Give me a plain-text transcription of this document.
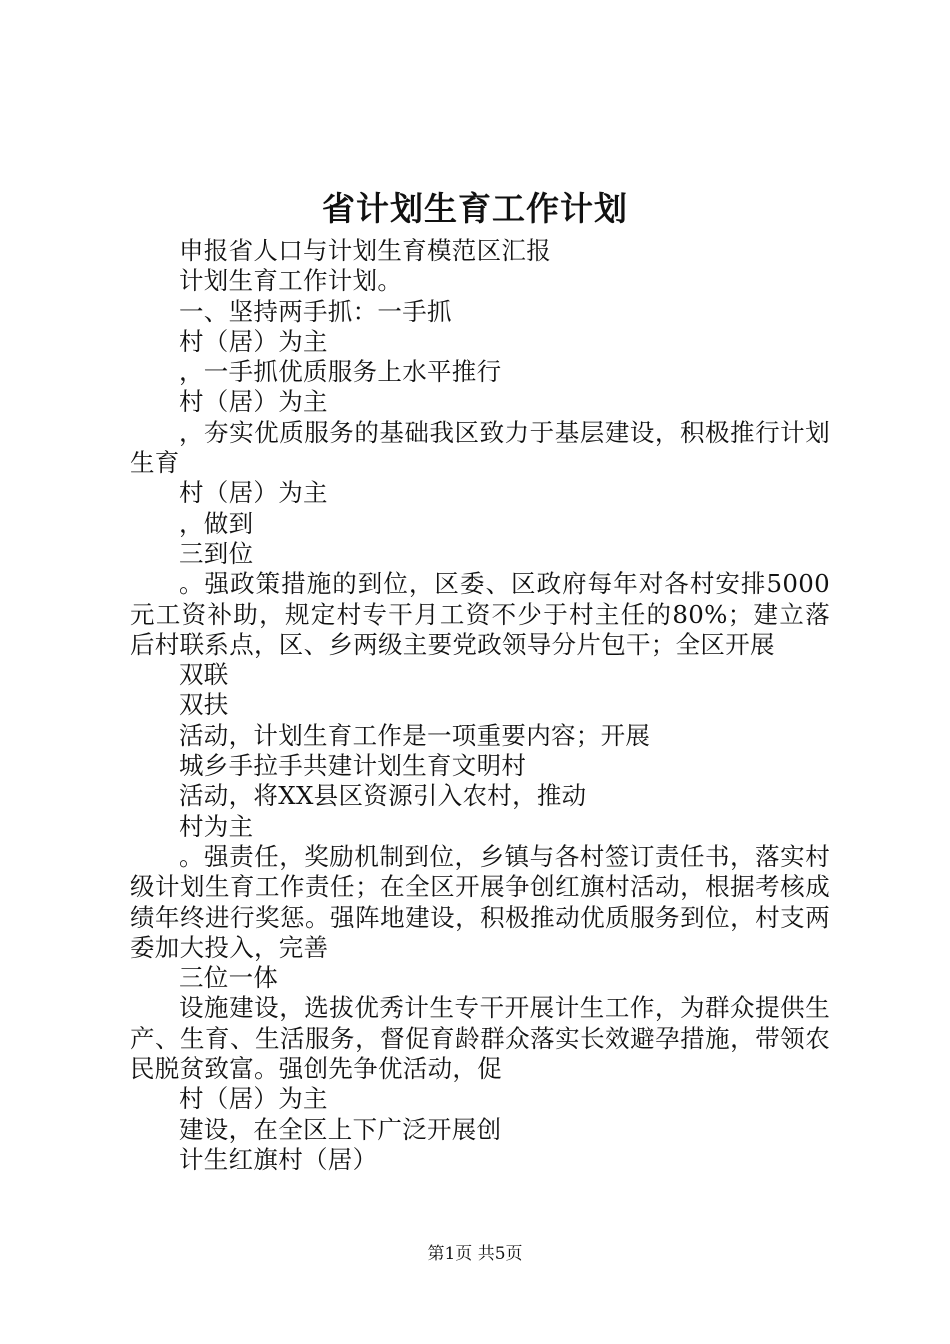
省计划生育工作计划

申报省人口与计划生育模范区汇报

计划生育工作计划。

一、坚持两手抓：一手抓

村（居）为主

，一手抓优质服务上水平推行

村（居）为主

，夯实优质服务的基础我区致力于基层建设，积极推行计划生育

村（居）为主

，做到

三到位

。强政策措施的到位，区委、区政府每年对各村安排5000元工资补助，规定村专干月工资不少于村主任的80%；建立落后村联系点，区、乡两级主要党政领导分片包干；全区开展

双联

双扶

活动，计划生育工作是一项重要内容；开展

城乡手拉手共建计划生育文明村

活动，将XX县区资源引入农村，推动

村为主

。强责任，奖励机制到位，乡镇与各村签订责任书，落实村级计划生育工作责任；在全区开展争创红旗村活动，根据考核成绩年终进行奖惩。强阵地建设，积极推动优质服务到位，村支两委加大投入，完善

三位一体

设施建设，选拔优秀计生专干开展计生工作，为群众提供生产、生育、生活服务，督促育龄群众落实长效避孕措施，带领农民脱贫致富。强创先争优活动，促

村（居）为主

建设，在全区上下广泛开展创

计生红旗村（居）

第1页 共5页
